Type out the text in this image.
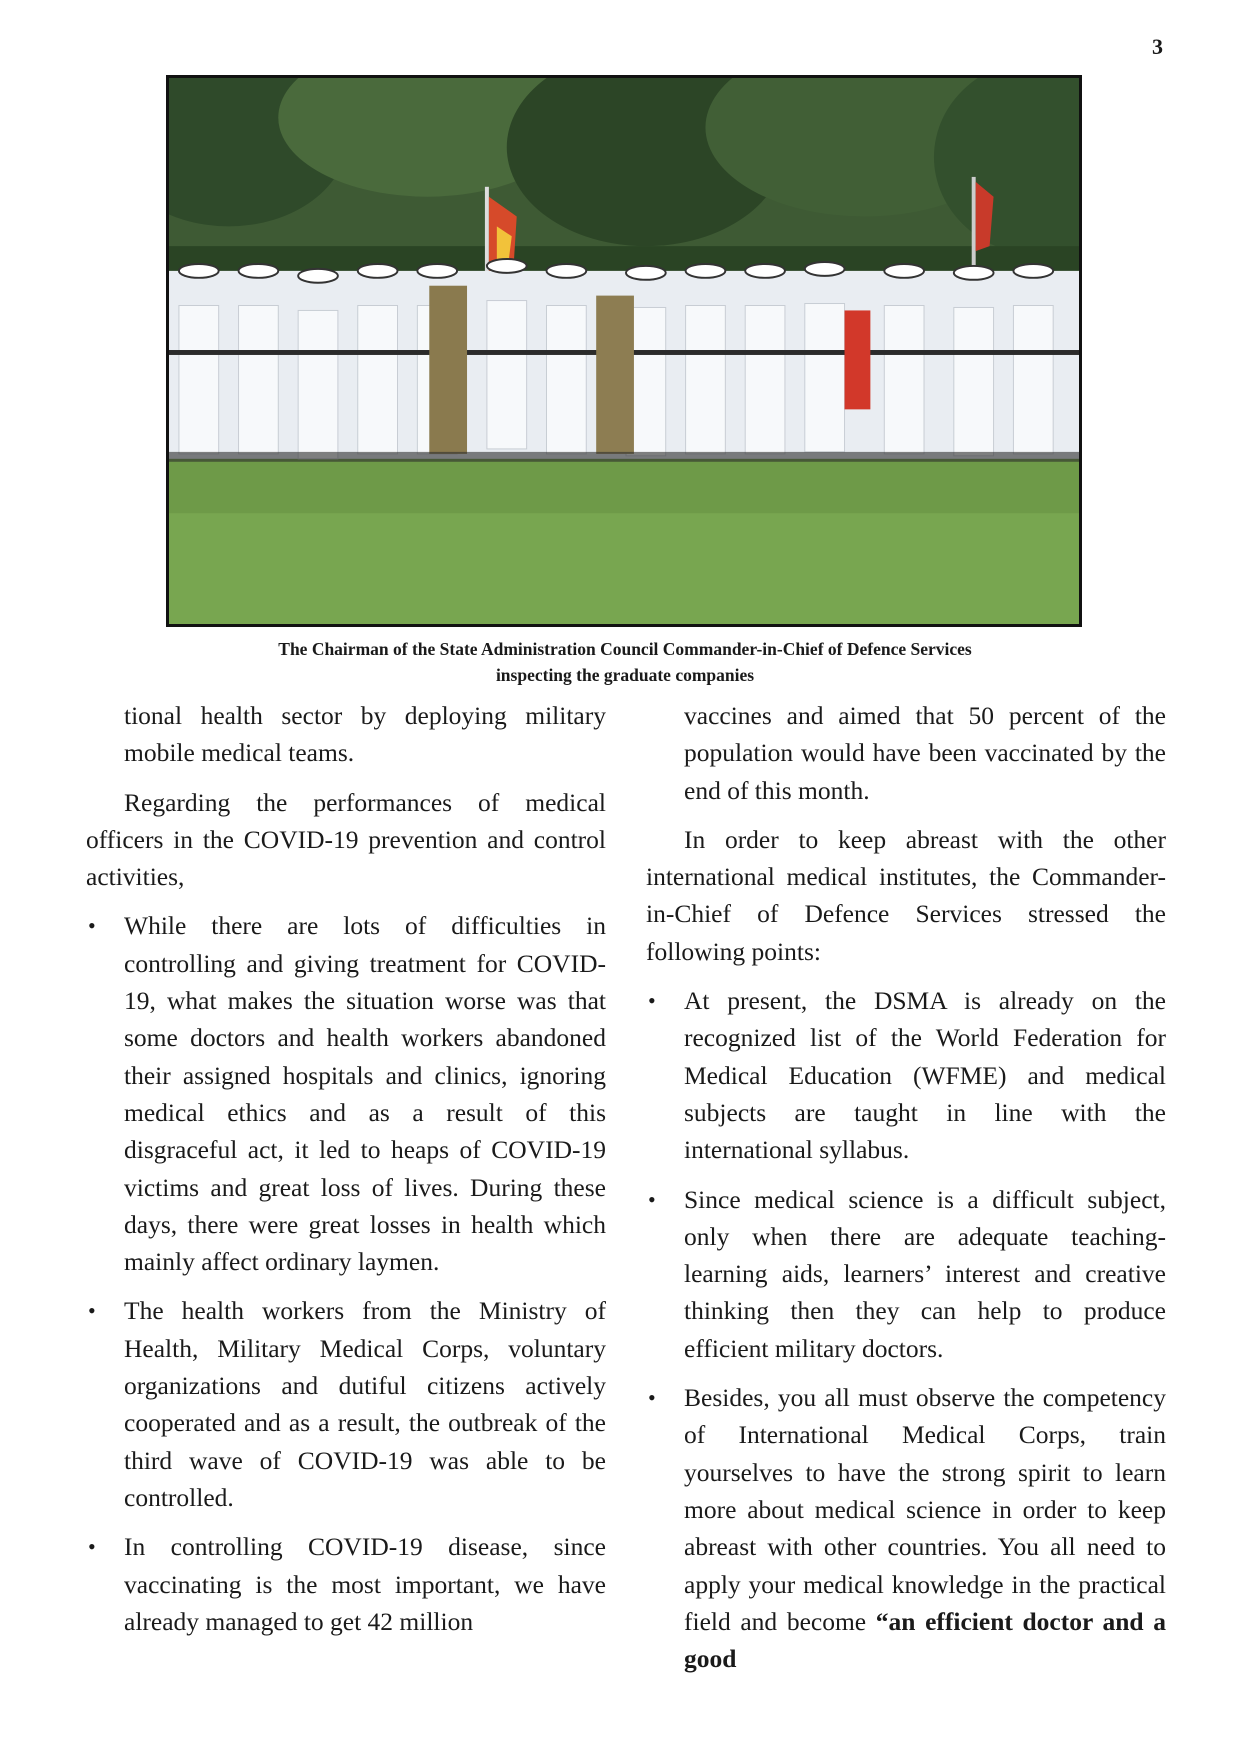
3
The Chairman of the State Administration Council Commander-in-Chief of Defence Services
inspecting the graduate companies

tional health sector by deploying military mobile medical teams.

Regarding the performances of medical officers in the COVID-19 prevention and control activities,

• While there are lots of difficulties in controlling and giving treatment for COVID-19, what makes the situation worse was that some doctors and health workers abandoned their assigned hospitals and clinics, ignoring medical ethics and as a result of this disgraceful act, it led to heaps of COVID-19 victims and great loss of lives. During these days, there were great losses in health which mainly affect ordinary laymen.
• The health workers from the Ministry of Health, Military Medical Corps, voluntary organizations and dutiful citizens actively cooperated and as a result, the outbreak of the third wave of COVID-19 was able to be controlled.
• In controlling COVID-19 disease, since vaccinating is the most important, we have already managed to get 42 million

vaccines and aimed that 50 percent of the population would have been vaccinated by the end of this month.

In order to keep abreast with the other international medical institutes, the Commander-in-Chief of Defence Services stressed the following points:

• At present, the DSMA is already on the recognized list of the World Federation for Medical Education (WFME) and medical subjects are taught in line with the international syllabus.
• Since medical science is a difficult subject, only when there are adequate teaching-learning aids, learners’ interest and creative thinking then they can help to produce efficient military doctors.
• Besides, you all must observe the competency of International Medical Corps, train yourselves to have the strong spirit to learn more about medical science in order to keep abreast with other countries. You all need to apply your medical knowledge in the practical field and become “an efficient doctor and a good
